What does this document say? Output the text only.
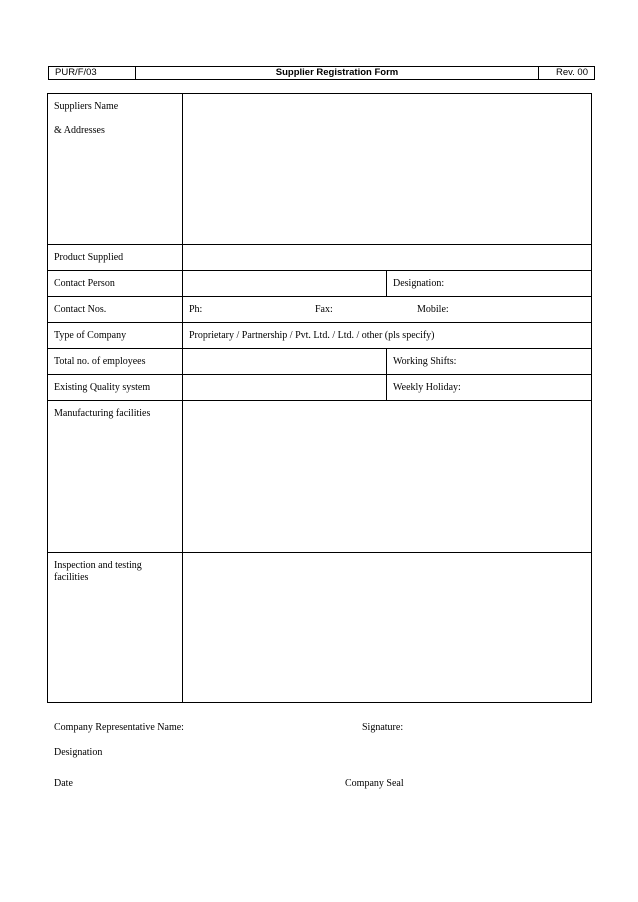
PUR/F/03	Supplier Registration Form	Rev. 00
Suppliers Name
& Addresses		

Product Supplied		
Contact Person		Designation:
Contact Nos.	Ph: Fax: Mobile:	
Type of Company	Proprietary / Partnership / Pvt. Ltd. / Ltd. / other (pls specify)	
Total no. of employees		Working Shifts:
Existing Quality system		Weekly Holiday:
Manufacturing facilities		
Inspection and testing facilities		
Company Representative Name:	Signature:
Designation
Date	Company Seal
